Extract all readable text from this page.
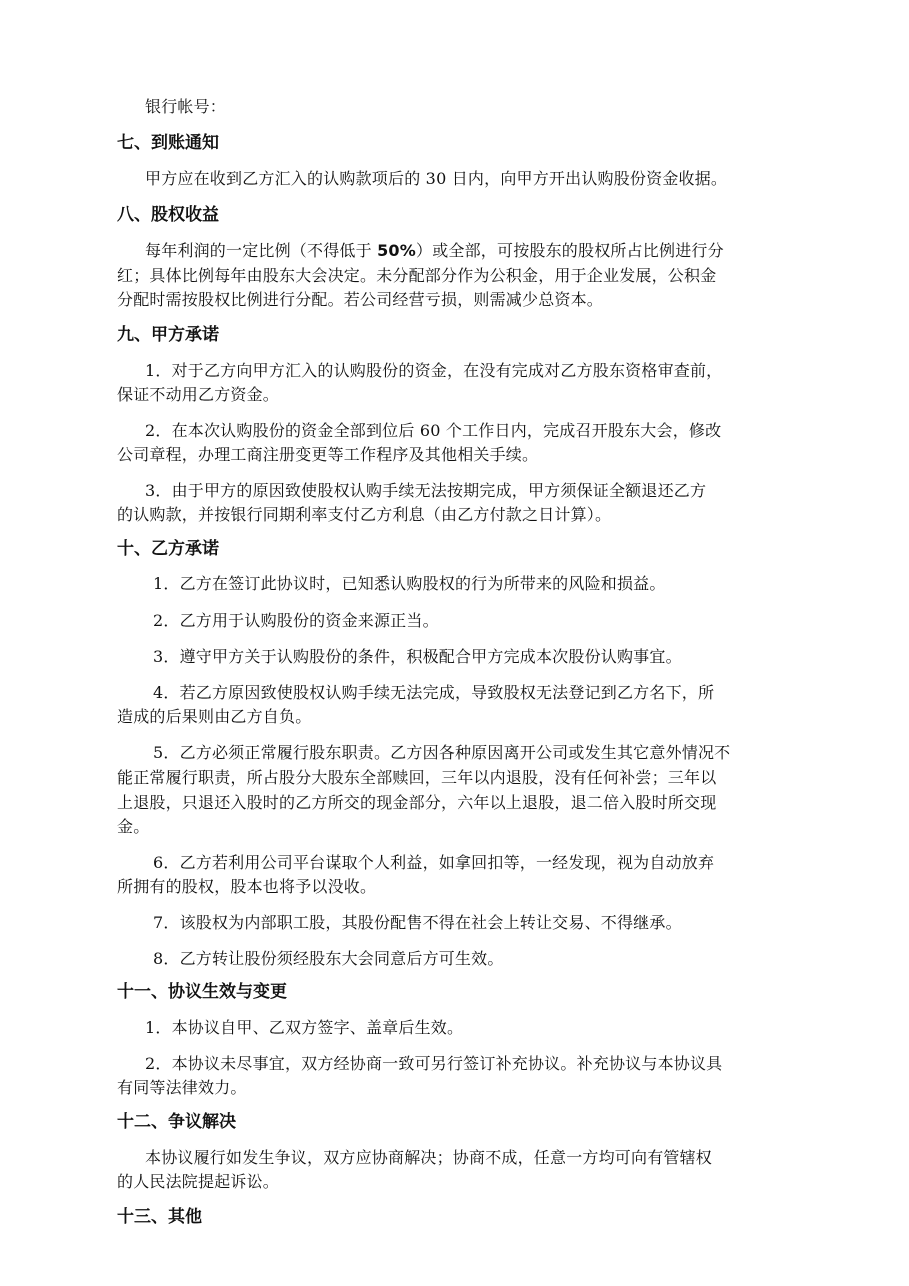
银行帐号：
七、到账通知
甲方应在收到乙方汇入的认购款项后的 30 日内，向甲方开出认购股份资金收据。
八、股权收益
每年利润的一定比例（不得低于 50%）或全部，可按股东的股权所占比例进行分
红；具体比例每年由股东大会决定。未分配部分作为公积金，用于企业发展，公积金
分配时需按股权比例进行分配。若公司经营亏损，则需减少总资本。
九、甲方承诺
1．对于乙方向甲方汇入的认购股份的资金，在没有完成对乙方股东资格审查前，
保证不动用乙方资金。
2．在本次认购股份的资金全部到位后 60 个工作日内，完成召开股东大会，修改
公司章程，办理工商注册变更等工作程序及其他相关手续。
3．由于甲方的原因致使股权认购手续无法按期完成，甲方须保证全额退还乙方
的认购款，并按银行同期利率支付乙方利息（由乙方付款之日计算）。
十、乙方承诺
1．乙方在签订此协议时，已知悉认购股权的行为所带来的风险和损益。
2．乙方用于认购股份的资金来源正当。
3．遵守甲方关于认购股份的条件，积极配合甲方完成本次股份认购事宜。
4．若乙方原因致使股权认购手续无法完成，导致股权无法登记到乙方名下，所
造成的后果则由乙方自负。
5．乙方必须正常履行股东职责。乙方因各种原因离开公司或发生其它意外情况不
能正常履行职责，所占股分大股东全部赎回，三年以内退股，没有任何补尝；三年以
上退股，只退还入股时的乙方所交的现金部分，六年以上退股，退二倍入股时所交现
金。
6．乙方若利用公司平台谋取个人利益，如拿回扣等，一经发现，视为自动放弃
所拥有的股权，股本也将予以没收。
7．该股权为内部职工股，其股份配售不得在社会上转让交易、不得继承。
8．乙方转让股份须经股东大会同意后方可生效。
十一、协议生效与变更
1．本协议自甲、乙双方签字、盖章后生效。
2．本协议未尽事宜，双方经协商一致可另行签订补充协议。补充协议与本协议具
有同等法律效力。
十二、争议解决
本协议履行如发生争议，双方应协商解决；协商不成，任意一方均可向有管辖权
的人民法院提起诉讼。
十三、其他
